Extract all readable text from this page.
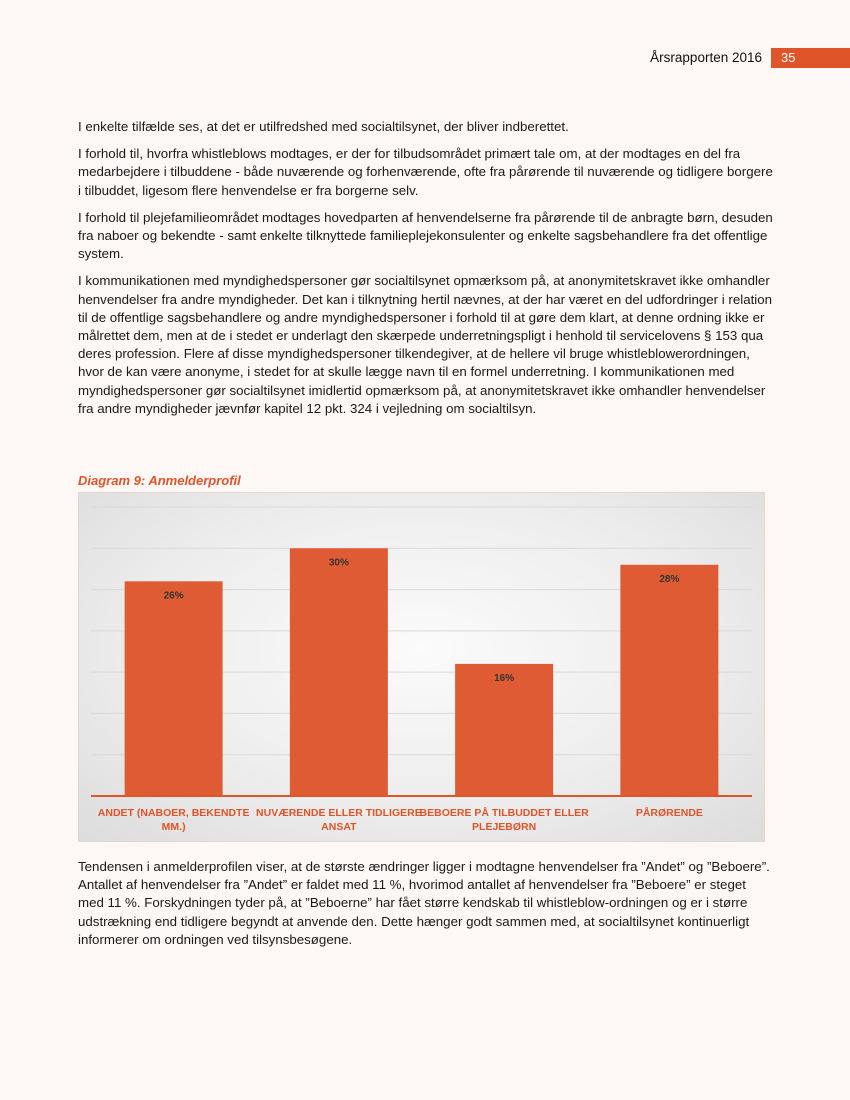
Årsrapporten 2016	35

I enkelte tilfælde ses, at det er utilfredshed med socialtilsynet, der bliver indberettet.

I forhold til, hvorfra whistleblows modtages, er der for tilbudsområdet primært tale om, at der modtages en del fra medarbejdere i tilbuddene - både nuværende og forhenværende, ofte fra pårørende til nuværende og tidligere borgere i tilbuddet, ligesom flere henvendelse er fra borgerne selv.

I forhold til plejefamilieområdet modtages hovedparten af henvendelserne fra pårørende til de anbragte børn, desuden fra naboer og bekendte - samt enkelte tilknyttede familieplejekonsulenter og enkelte sagsbehandlere fra det offentlige system.

I kommunikationen med myndighedspersoner gør socialtilsynet opmærksom på, at anonymitetskravet ikke omhandler henvendelser fra andre myndigheder. Det kan i tilknytning hertil nævnes, at der har været en del udfordringer i relation til de offentlige sagsbehandlere og andre myndighedspersoner i forhold til at gøre dem klart, at denne ordning ikke er målrettet dem, men at de i stedet er underlagt den skærpede underretningspligt i henhold til servicelovens § 153 qua deres profession. Flere af disse myndighedspersoner tilkendegiver, at de hellere vil bruge whistleblowerordningen, hvor de kan være anonyme, i stedet for at skulle lægge navn til en formel underretning. I kommunikationen med myndighedspersoner gør socialtilsynet imidlertid opmærksom på, at anonymitetskravet ikke omhandler henvendelser fra andre myndigheder jævnfør kapitel 12 pkt. 324 i vejledning om socialtilsyn.

Diagram 9: Anmelderprofil
26%
ANDET (NABOER, BEKENDTE
MM.)
30%
NUVÆRENDE ELLER TIDLIGERE
ANSAT
16%
BEBOERE PÅ TILBUDDET ELLER
PLEJEBØRN
28%
PÅRØRENDE

Tendensen i anmelderprofilen viser, at de største ændringer ligger i modtagne henvendelser fra ”Andet” og ”Beboere”. Antallet af henvendelser fra ”Andet” er faldet med 11 %, hvorimod antallet af henvendelser fra ”Beboere” er steget med 11 %. Forskydningen tyder på, at ”Beboerne” har fået større kendskab til whistleblow-ordningen og er i større udstrækning end tidligere begyndt at anvende den. Dette hænger godt sammen med, at socialtilsynet kontinuerligt informerer om ordningen ved tilsynsbesøgene.
